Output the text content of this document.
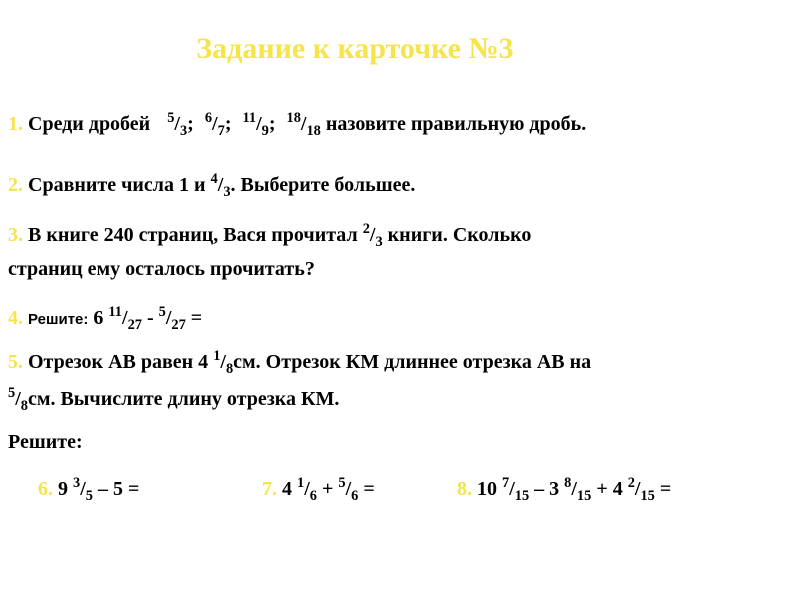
Задание к карточке №3
1. Среди дробей $^5/_3$; $^6/_7$; $^{11}/_9$; $^{18}/_{18}$ назовите правильную дробь.
2. Сравните числа 1 и $^4/_3$. Выберите большее.
3. В книге 240 страниц, Вася прочитал $^2/_3$ книги. Сколько
страниц ему осталось прочитать?
4. Решите: 6 $^{11}/_{27} - ^5/_{27}$ =
5. Отрезок АВ равен 4 $^1/_8см$. Отрезок КМ длиннее отрезка АВ на
$^5/_8см$. Вычислите длину отрезка КМ.
Решите:
6. 9 $^3/_5 - 5$ =	7. 4 $^1/_6 + ^5/_6$ =	8. 10 $^7/_{15} - 3$ $^8/_{15} + 4$ $^2/_{15}$ =
